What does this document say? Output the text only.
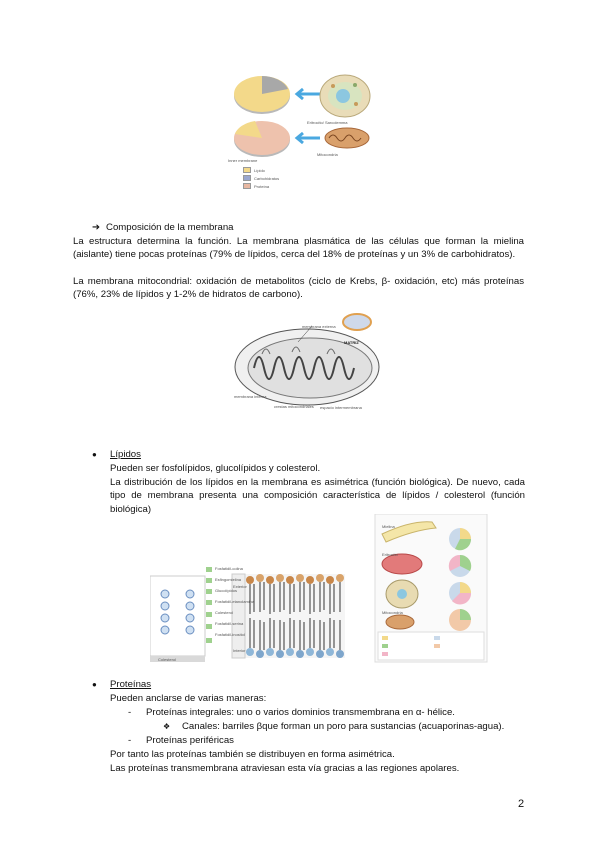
Eritrocito/ Sarcolemma
Mitocondria
Inner membrane
Lípido
Carbohidratos
Proteína
➔ Composición de la membrana
La estructura determina la función. La membrana plasmática de las células que forman la mielina (aislante) tiene pocas proteínas (79% de lípidos, cerca del 18% de proteínas y un 3% de carbohidratos).
La membrana mitocondrial: oxidación de metabolitos (ciclo de Krebs, β- oxidación, etc) más proteínas (76%, 23% de lípidos y 1-2% de hidratos de carbono).
membrana externa
MATRIZ
membrana interna
espacio intermembrana
crestas mitocondriales
● Lípidos
Pueden ser fosfolípidos, glucolípidos y colesterol.
La distribución de los lípidos en la membrana es asimétrica (función biológica). De nuevo, cada tipo de membrana presenta una composición característica de lípidos / colesterol (función biológica)
Fosfatidil-colina
Esfingomielina
Glucolípidos
Fosfatidil-etanolamina
Colesterol
Fosfatidil-serina
Fosfatidil-inositol
Exterior
Interior
Colesterol
Eritrocito
Mielina
Mitocondria
● Proteínas
Pueden anclarse de varias maneras:
- Proteínas integrales: uno o varios dominios transmembrana en α- hélice.
❖ Canales: barriles βque forman un poro para sustancias (acuaporinas-agua).
- Proteínas periféricas
Por tanto las proteínas también se distribuyen en forma asimétrica.
Las proteínas transmembrana atraviesan esta vía gracias a las regiones apolares.
2
